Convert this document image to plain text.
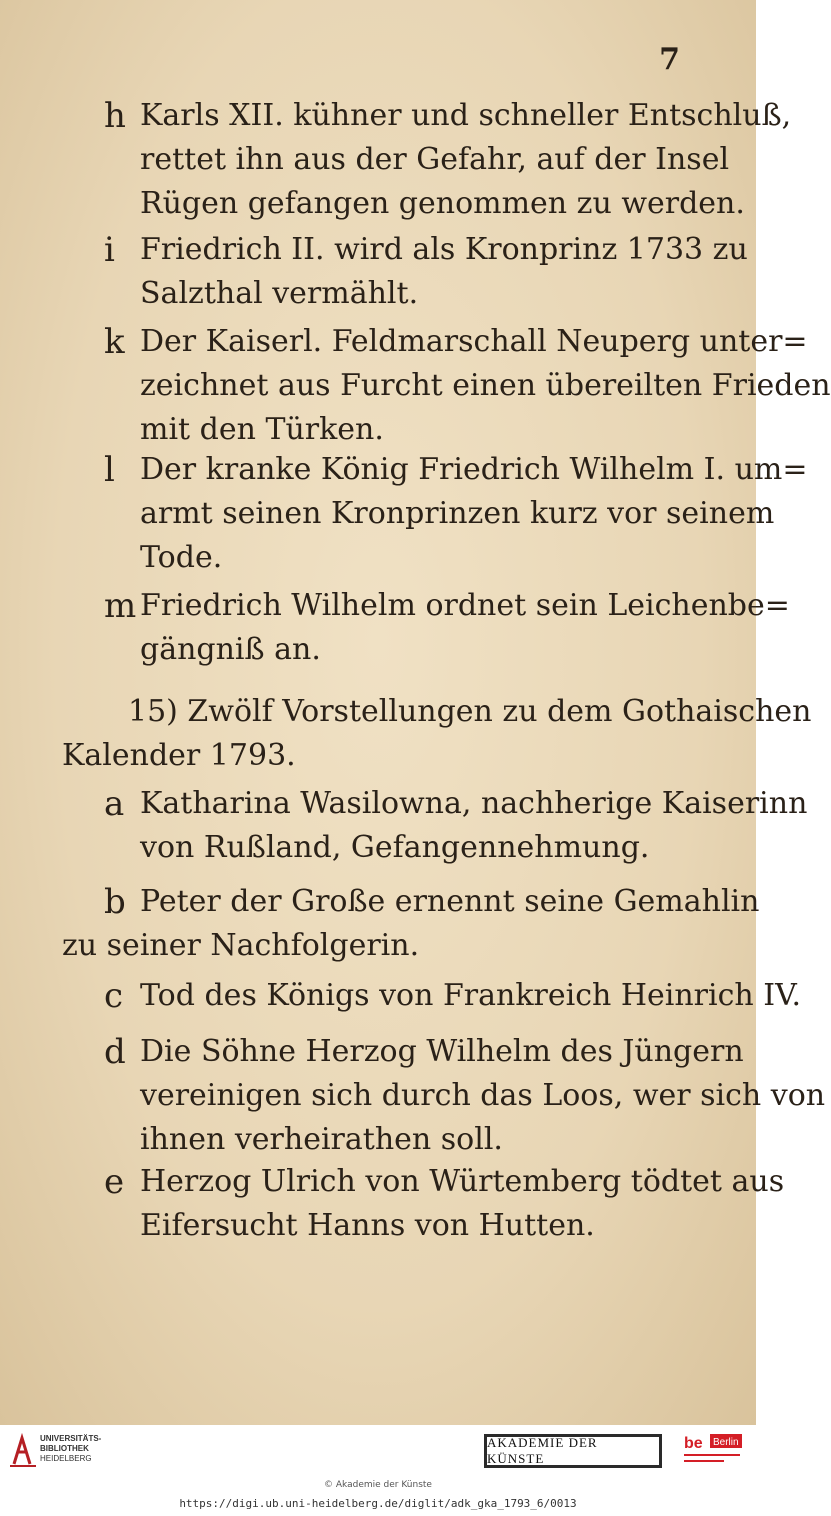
7
h Karls XII. kühner und schneller Entschluß,
rettet ihn aus der Gefahr, auf der Insel
Rügen gefangen genommen zu werden.
i Friedrich II. wird als Kronprinz 1733 zu
Salzthal vermählt.
k Der Kaiserl. Feldmarschall Neuperg unter=
zeichnet aus Furcht einen übereilten Frieden
mit den Türken.
l Der kranke König Friedrich Wilhelm I. um=
armt seinen Kronprinzen kurz vor seinem
Tode.
m Friedrich Wilhelm ordnet sein Leichenbe=
gängniß an.
15) Zwölf Vorstellungen zu dem Gothaischen
Kalender 1793.
a Katharina Wasilowna, nachherige Kaiserinn
von Rußland, Gefangennehmung.
b Peter der Große ernennt seine Gemahlin
zu seiner Nachfolgerin.
c Tod des Königs von Frankreich Heinrich IV.
d Die Söhne Herzog Wilhelm des Jüngern
vereinigen sich durch das Loos, wer sich von
ihnen verheirathen soll.
e Herzog Ulrich von Würtemberg tödtet aus
Eifersucht Hanns von Hutten.
UNIVERSITÄTS-
BIBLIOTHEK
HEIDELBERG
AKADEMIE DER KÜNSTE
be Berlin
© Akademie der Künste
https://digi.ub.uni-heidelberg.de/diglit/adk_gka_1793_6/0013
